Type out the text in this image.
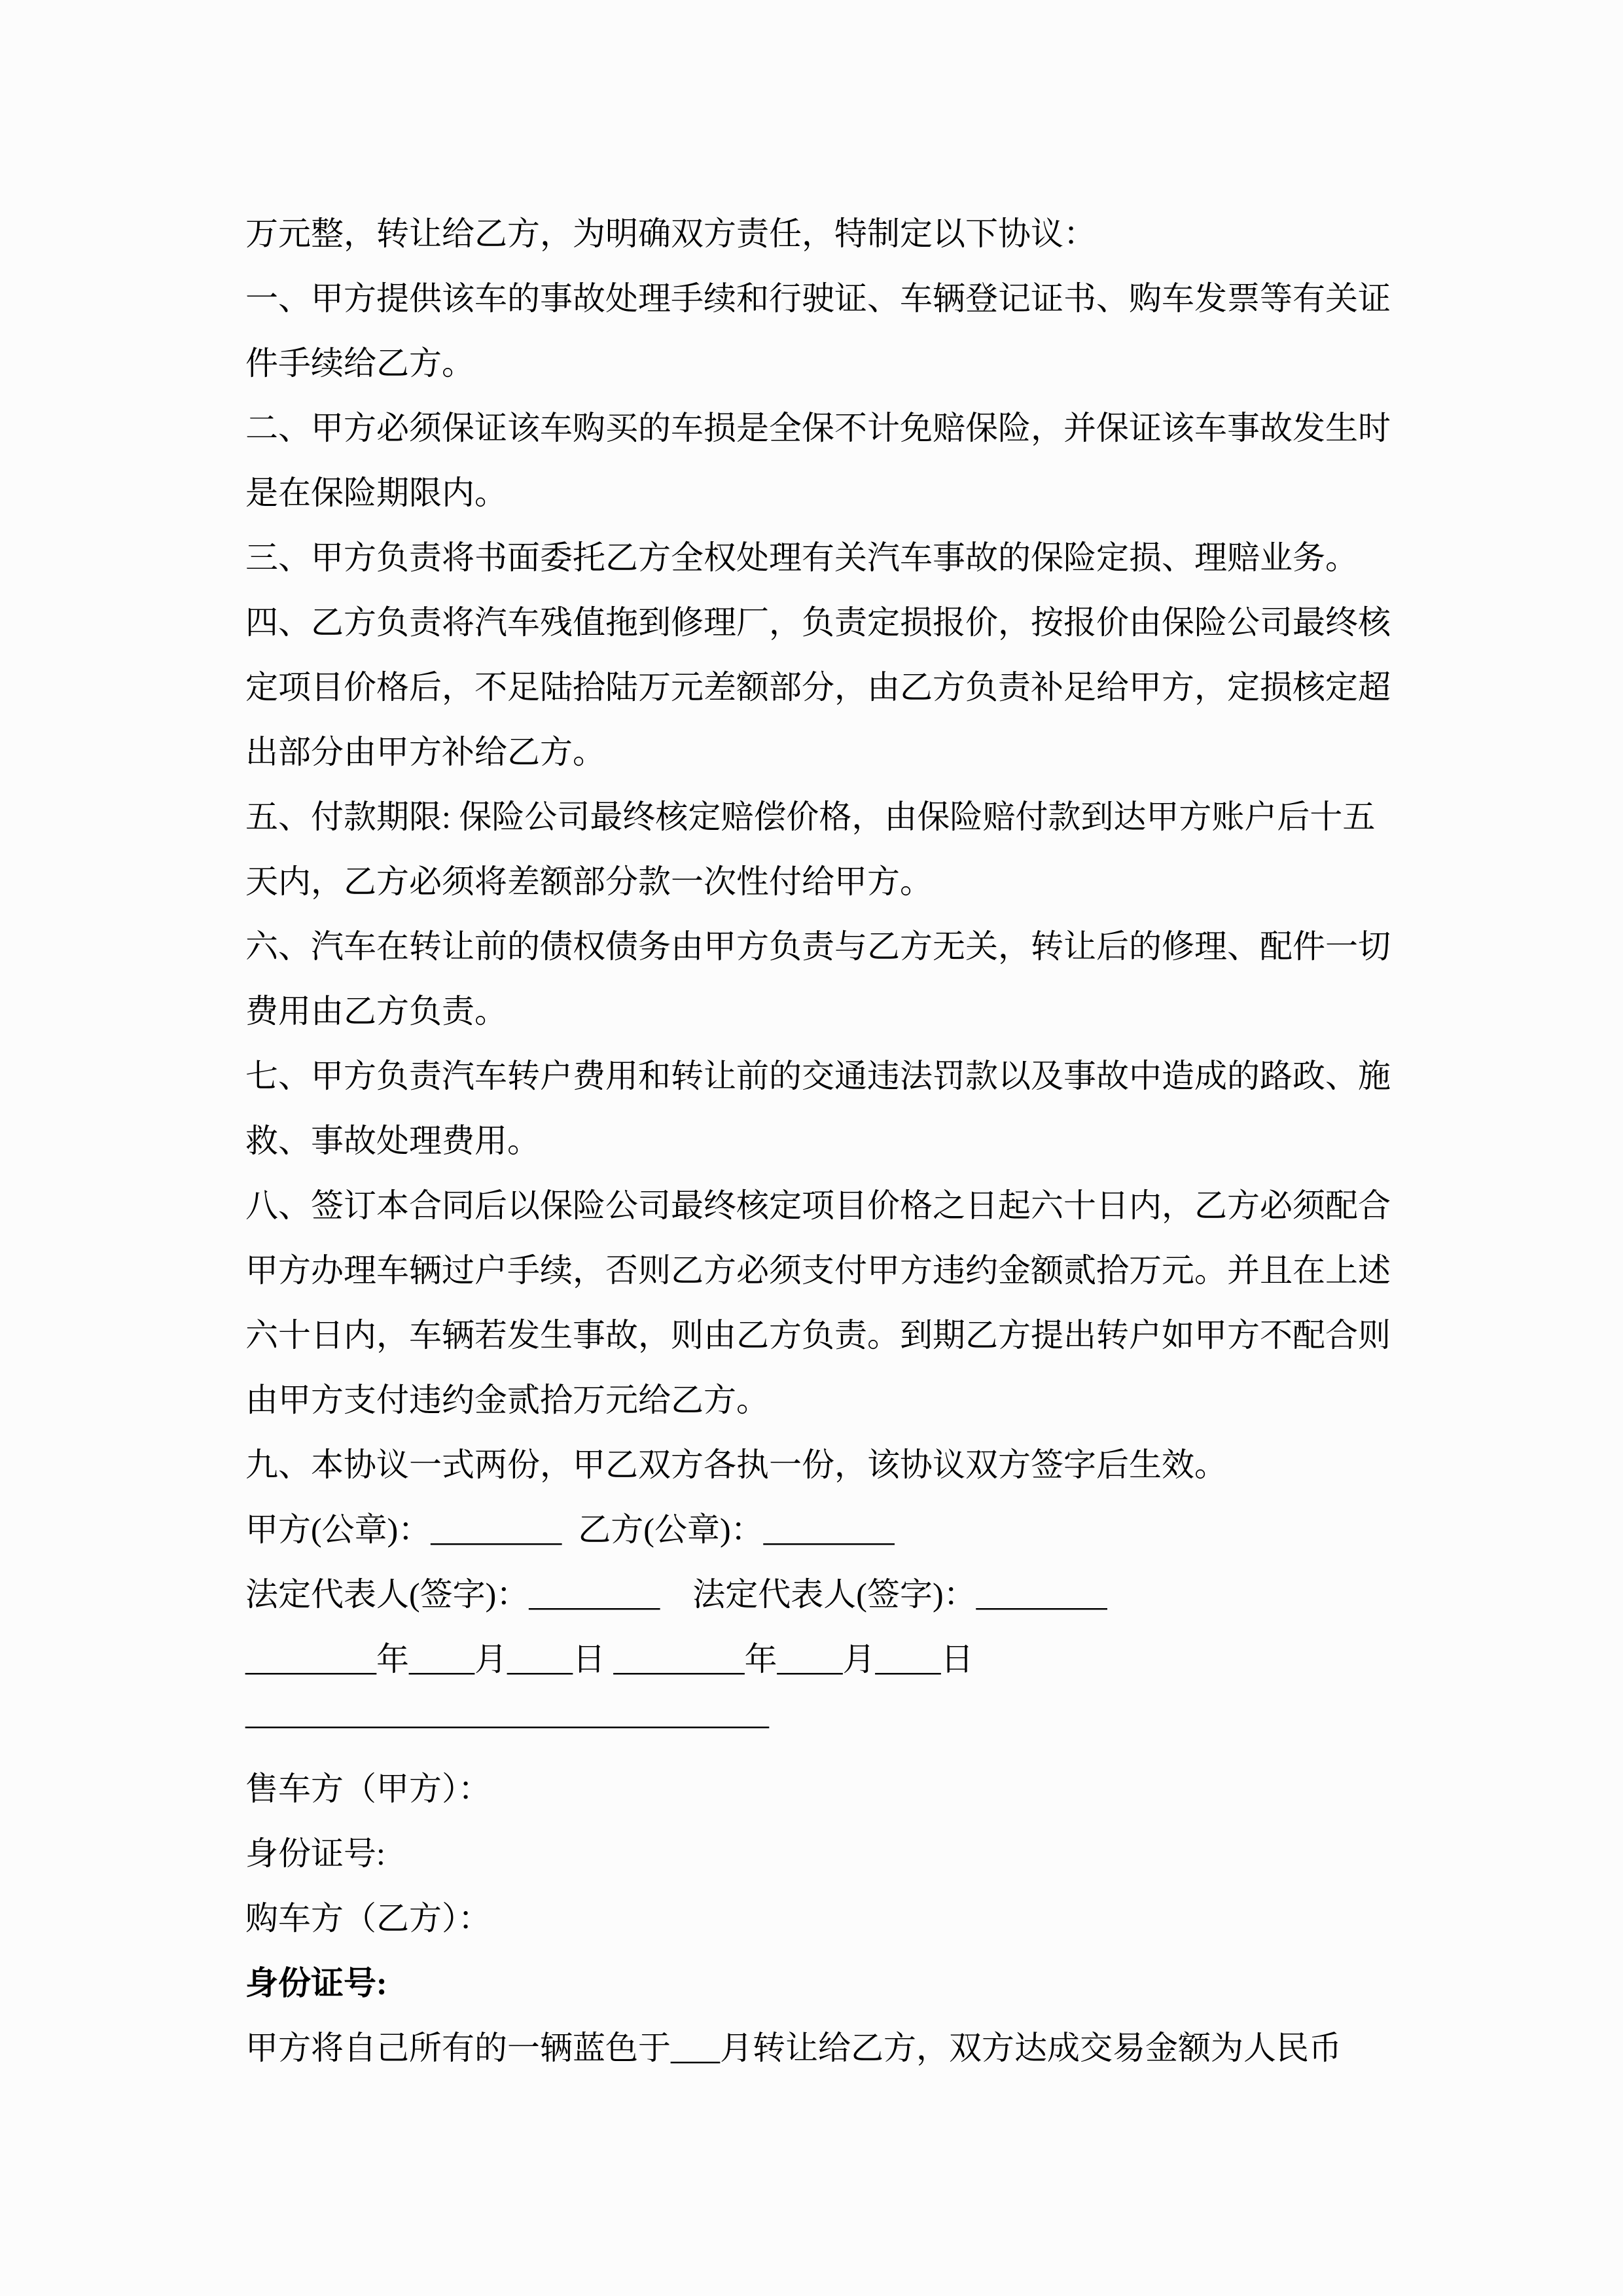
万元整，转让给乙方，为明确双方责任，特制定以下协议：
一、甲方提供该车的事故处理手续和行驶证、车辆登记证书、购车发票等有关证
件手续给乙方。
二、甲方必须保证该车购买的车损是全保不计免赔保险，并保证该车事故发生时
是在保险期限内。
三、甲方负责将书面委托乙方全权处理有关汽车事故的保险定损、理赔业务。
四、乙方负责将汽车残值拖到修理厂，负责定损报价，按报价由保险公司最终核
定项目价格后，不足陆拾陆万元差额部分，由乙方负责补足给甲方，定损核定超
出部分由甲方补给乙方。
五、付款期限: 保险公司最终核定赔偿价格，由保险赔付款到达甲方账户后十五
天内，乙方必须将差额部分款一次性付给甲方。
六、汽车在转让前的债权债务由甲方负责与乙方无关，转让后的修理、配件一切
费用由乙方负责。
七、甲方负责汽车转户费用和转让前的交通违法罚款以及事故中造成的路政、施
救、事故处理费用。
八、签订本合同后以保险公司最终核定项目价格之日起六十日内，乙方必须配合
甲方办理车辆过户手续，否则乙方必须支付甲方违约金额贰拾万元。并且在上述
六十日内，车辆若发生事故，则由乙方负责。到期乙方提出转户如甲方不配合则
由甲方支付违约金贰拾万元给乙方。
九、本协议一式两份，甲乙双方各执一份，该协议双方签字后生效。
甲方(公章)：________  乙方(公章)：________
法定代表人(签字)：________　法定代表人(签字)：________
________年____月____日 ________年____月____日
————————————————
售车方（甲方）：
身份证号:
购车方（乙方）：
身份证号:
甲方将自己所有的一辆蓝色于___月转让给乙方，双方达成交易金额为人民币
